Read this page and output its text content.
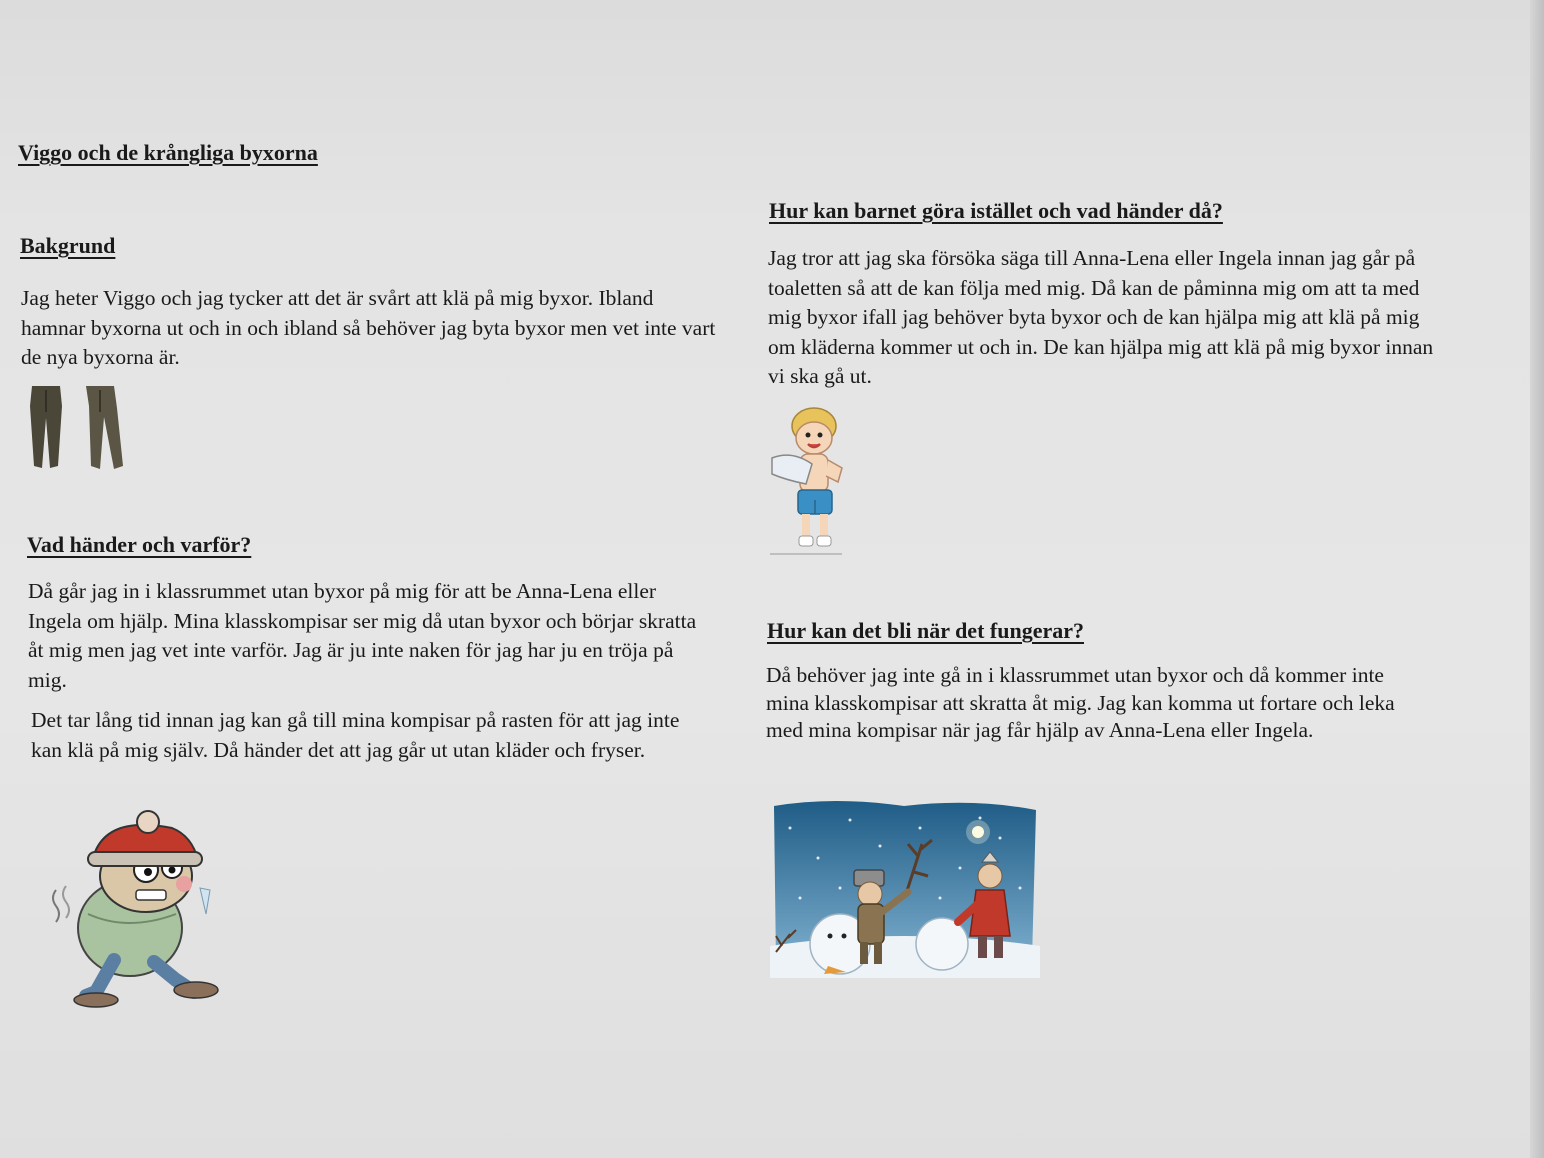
Viggo och de krångliga byxorna
Bakgrund

Jag heter Viggo och jag tycker att det är svårt att klä på mig byxor. Ibland hamnar byxorna ut och in och ibland så behöver jag byta byxor men vet inte vart de nya byxorna är.

Vad händer och varför?

Då går jag in i klassrummet utan byxor på mig för att be Anna-Lena eller Ingela om hjälp. Mina klasskompisar ser mig då utan byxor och börjar skratta åt mig men jag vet inte varför. Jag är ju inte naken för jag har ju en tröja på mig.

Det tar lång tid innan jag kan gå till mina kompisar på rasten för att jag inte kan klä på mig själv. Då händer det att jag går ut utan kläder och fryser.

Hur kan barnet göra istället och vad händer då?

Jag tror att jag ska försöka säga till Anna-Lena eller Ingela innan jag går på toaletten så att de kan följa med mig. Då kan de påminna mig om att ta med mig byxor ifall jag behöver byta byxor och de kan hjälpa mig att klä på mig om kläderna kommer ut och in. De kan hjälpa mig att klä på mig byxor innan vi ska gå ut.

Hur kan det bli när det fungerar?

Då behöver jag inte gå in i klassrummet utan byxor och då kommer inte mina klasskompisar att skratta åt mig. Jag kan komma ut fortare och leka med mina kompisar när jag får hjälp av Anna-Lena eller Ingela.
